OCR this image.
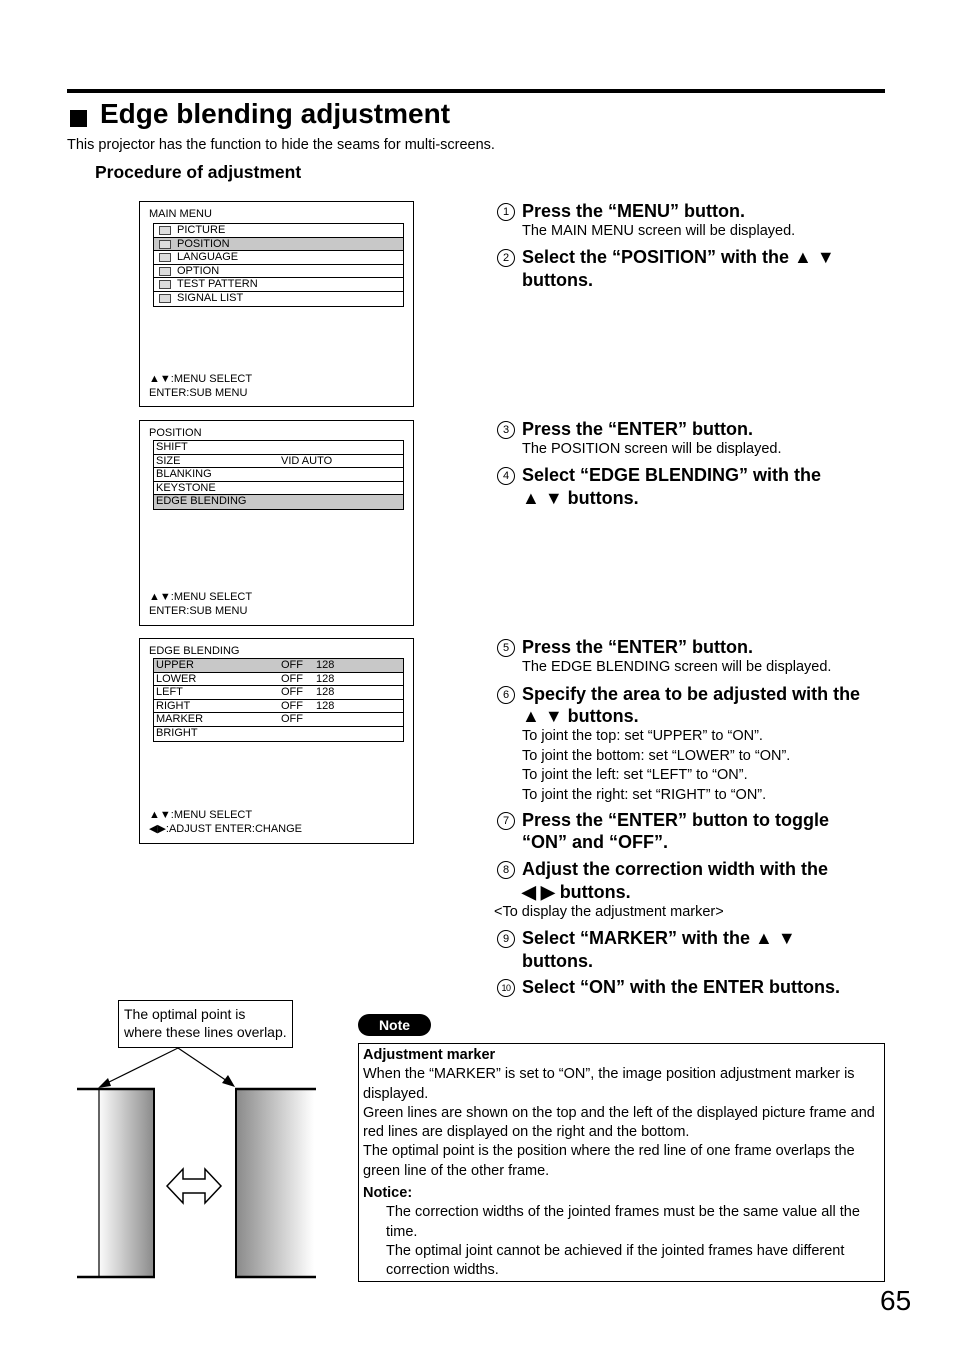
Edge blending adjustment
This projector has the function to hide the seams for multi-screens.
Procedure of adjustment
MAIN MENU
PICTURE
POSITION
LANGUAGE
OPTION
TEST PATTERN
SIGNAL LIST
▲▼:MENU SELECT
ENTER:SUB MENU
POSITION
SHIFT
SIZE	VID AUTO
BLANKING
KEYSTONE
EDGE BLENDING
▲▼:MENU SELECT
ENTER:SUB MENU
EDGE BLENDING
UPPER	OFF 128
LOWER	OFF 128
LEFT	OFF 128
RIGHT	OFF 128
MARKER	OFF
BRIGHT
▲▼:MENU SELECT
◀▶:ADJUST ENTER:CHANGE
1 Press the “MENU” button.
The MAIN MENU screen will be displayed.
2 Select the “POSITION” with the ▲ ▼
buttons.
3 Press the “ENTER” button.
The POSITION screen will be displayed.
4 Select “EDGE BLENDING” with the
▲ ▼ buttons.
5 Press the “ENTER” button.
The EDGE BLENDING screen will be displayed.
6 Specify the area to be adjusted with the
▲ ▼ buttons.
To joint the top: set “UPPER” to “ON”.
To joint the bottom: set “LOWER” to “ON”.
To joint the left: set “LEFT” to “ON”.
To joint the right: set “RIGHT” to “ON”.
7 Press the “ENTER” button to toggle
“ON” and “OFF”.
8 Adjust the correction width with the
◀ ▶ buttons.
<To display the adjustment marker>
9 Select “MARKER” with the ▲ ▼
buttons.
10 Select “ON” with the ENTER buttons.
The optimal point is where these lines overlap.	Note
Adjustment marker
When the “MARKER” is set to “ON”, the image position adjustment marker is displayed.
Green lines are shown on the top and the left of the displayed picture frame and red lines are displayed on the right and the bottom.
The optimal point is the position where the red line of one frame overlaps the green line of the other frame.
Notice:
The correction widths of the jointed frames must be the same value all the time.
The optimal joint cannot be achieved if the jointed frames have different correction widths.
65
